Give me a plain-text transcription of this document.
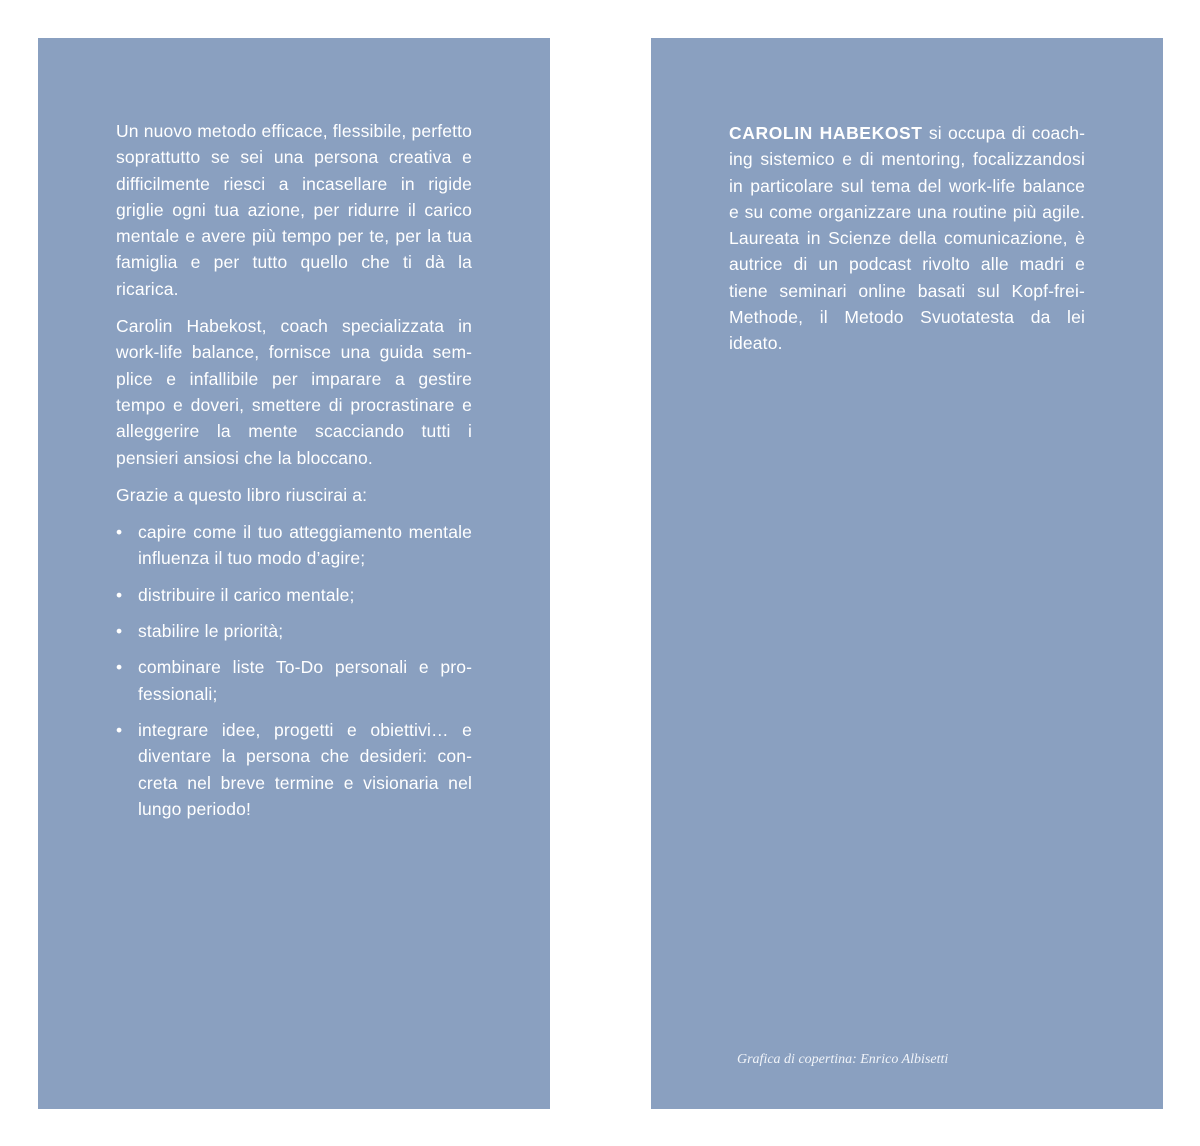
Un nuovo metodo efficace, flessibile, perfetto soprattutto se sei una persona creativa e difficilmente riesci a incasellare in rigide griglie ogni tua azione, per ridurre il carico mentale e avere più tempo per te, per la tua famiglia e per tutto quello che ti dà la ricarica.

Carolin Habekost, coach specializzata in work-life balance, fornisce una guida semplice e infallibile per imparare a gestire tempo e doveri, smettere di procrastinare e alleggerire la mente scacciando tutti i pensieri ansiosi che la bloccano.

Grazie a questo libro riuscirai a:

• capire come il tuo atteggiamento mentale influenza il tuo modo d’agire;
• distribuire il carico mentale;
• stabilire le priorità;
• combinare liste To-Do personali e professionali;
• integrare idee, progetti e obiettivi… e diventare la persona che desideri: concreta nel breve termine e visionaria nel lungo periodo!

CAROLIN HABEKOST si occupa di coaching sistemico e di mentoring, focalizzandosi in particolare sul tema del work-life balance e su come organizzare una routine più agile. Laureata in Scienze della comunicazione, è autrice di un podcast rivolto alle madri e tiene seminari online basati sul Kopf-frei-Methode, il Metodo Svuotatesta da lei ideato.

Grafica di copertina: Enrico Albisetti
